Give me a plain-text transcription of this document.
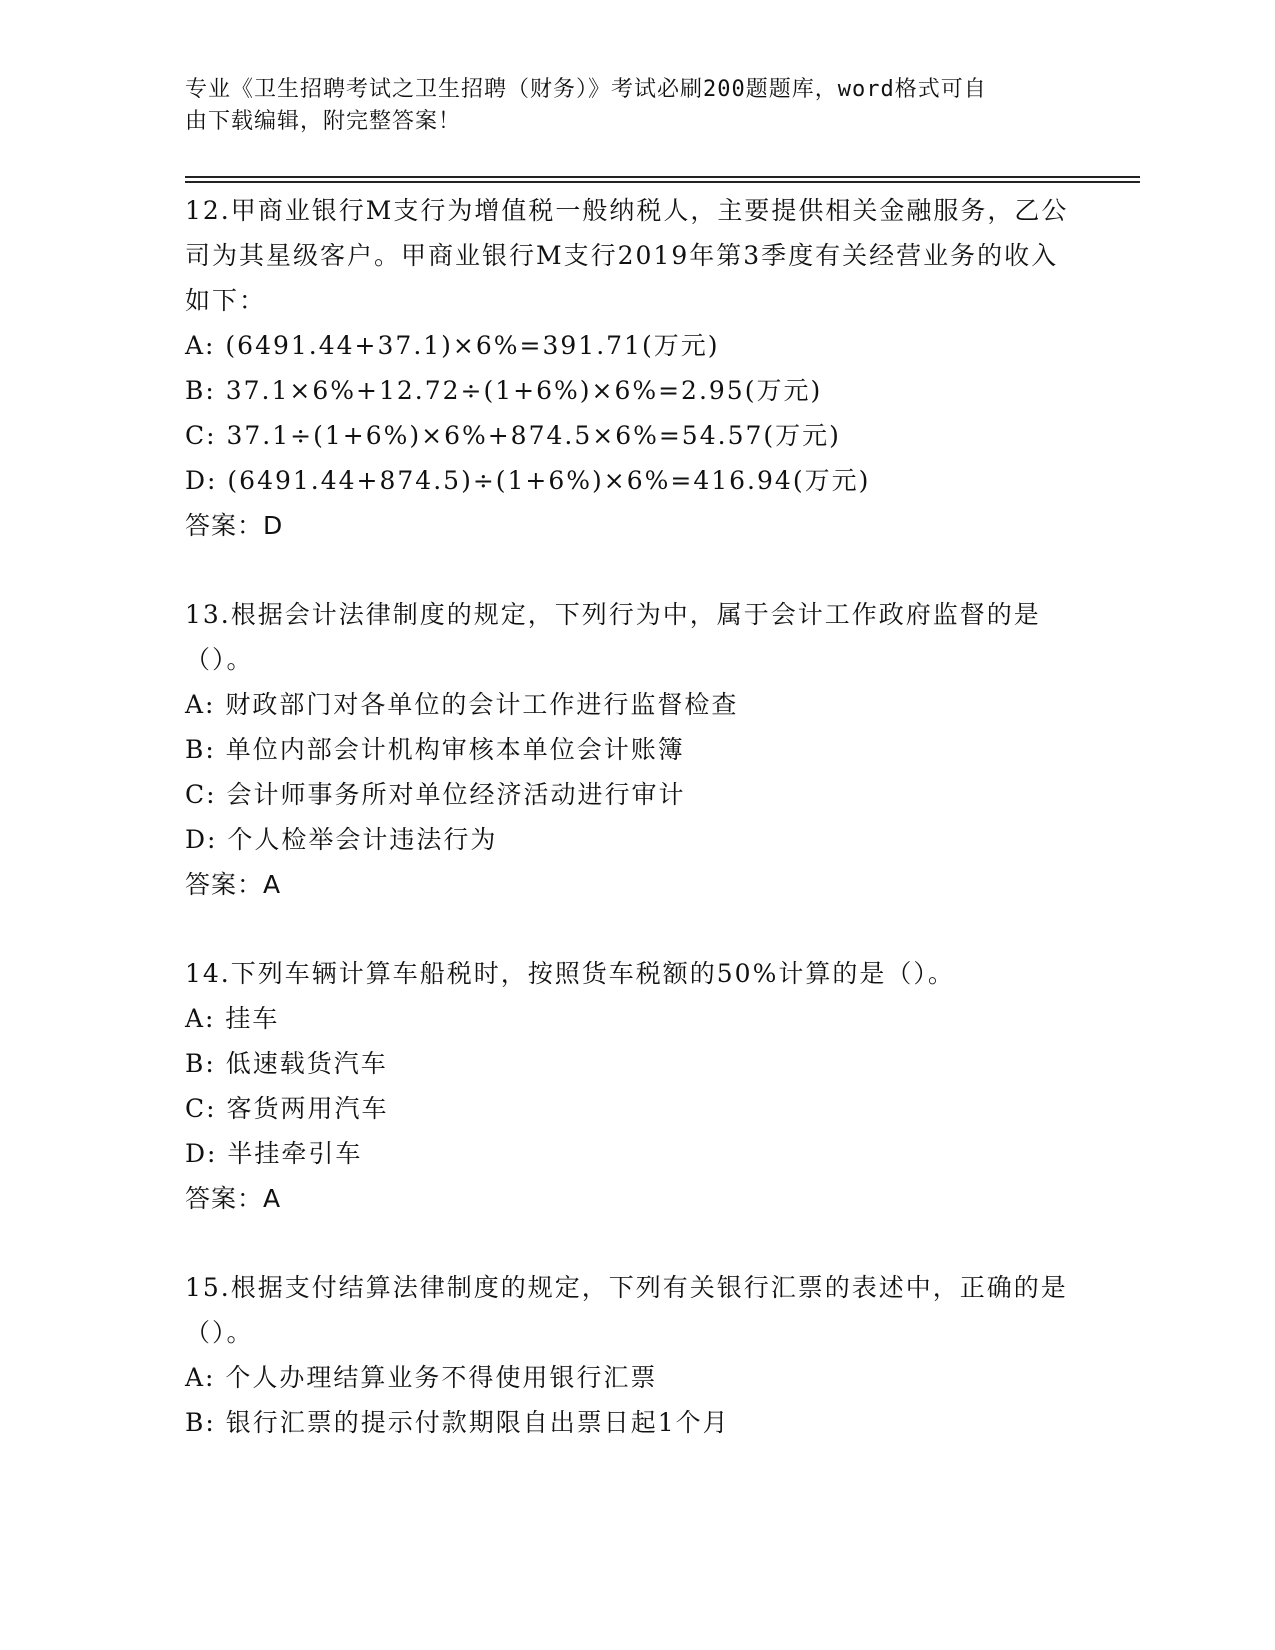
专业《卫生招聘考试之卫生招聘（财务）》考试必刷200题题库，word格式可自
由下载编辑，附完整答案！
12.甲商业银行M支行为增值税一般纳税人，主要提供相关金融服务，乙公司为其星级客户。甲商业银行M支行2019年第3季度有关经营业务的收入如下：
A: (6491.44+37.1)×6%=391.71(万元)
B: 37.1×6%+12.72÷(1+6%)×6%=2.95(万元)
C: 37.1÷(1+6%)×6%+874.5×6%=54.57(万元)
D: (6491.44+874.5)÷(1+6%)×6%=416.94(万元)
答案：D
13.根据会计法律制度的规定，下列行为中，属于会计工作政府监督的是（）。
A: 财政部门对各单位的会计工作进行监督检查
B: 单位内部会计机构审核本单位会计账簿
C: 会计师事务所对单位经济活动进行审计
D: 个人检举会计违法行为
答案：A
14.下列车辆计算车船税时，按照货车税额的50%计算的是（）。
A: 挂车
B: 低速载货汽车
C: 客货两用汽车
D: 半挂牵引车
答案：A
15.根据支付结算法律制度的规定，下列有关银行汇票的表述中，正确的是（）。
A: 个人办理结算业务不得使用银行汇票
B: 银行汇票的提示付款期限自出票日起1个月
